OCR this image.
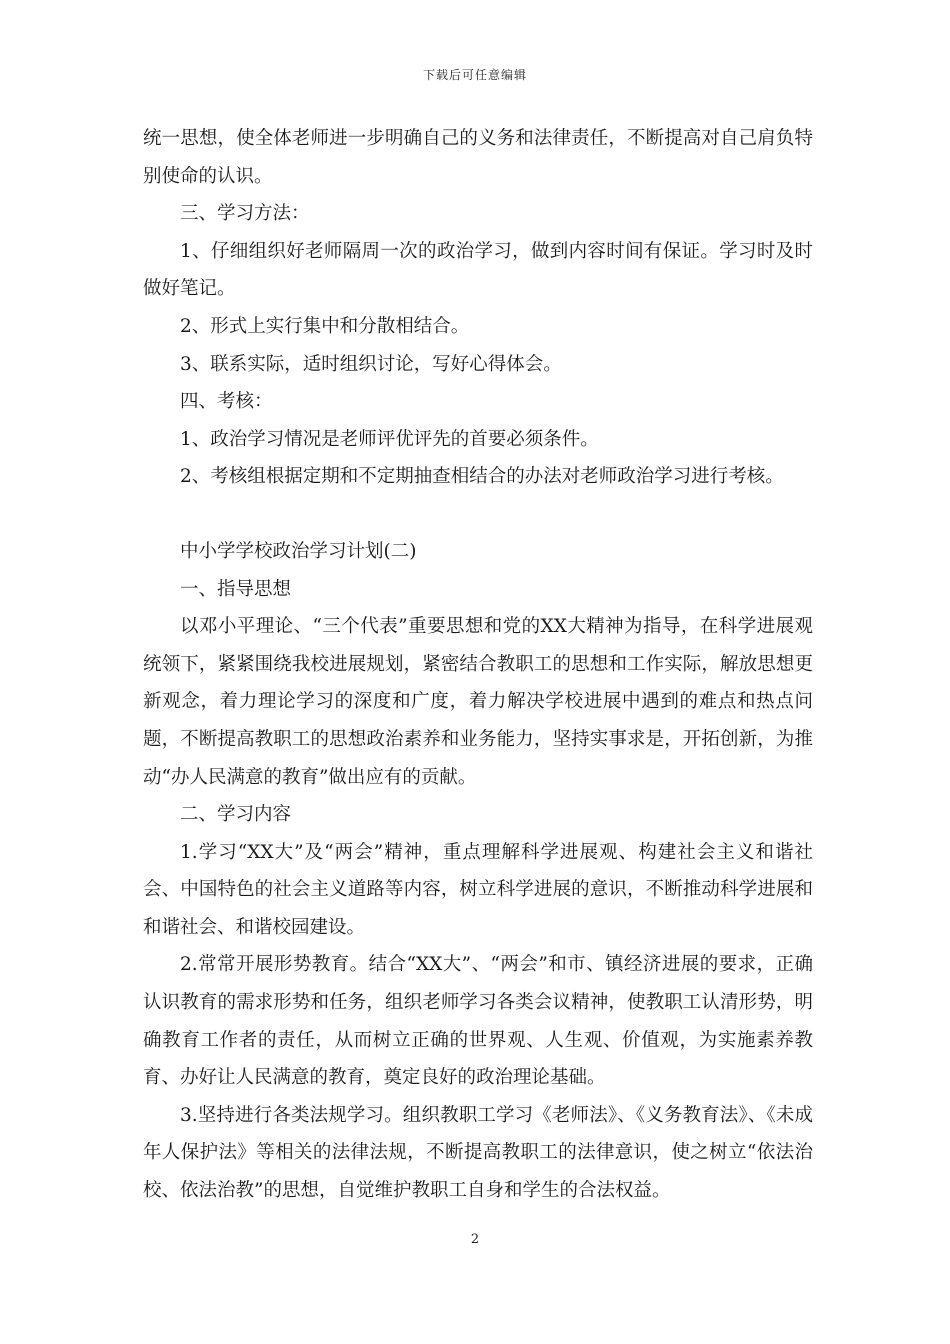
下载后可任意编辑

统一思想，使全体老师进一步明确自己的义务和法律责任，不断提高对自己肩负特别使命的认识。

三、学习方法：

1、仔细组织好老师隔周一次的政治学习，做到内容时间有保证。学习时及时做好笔记。

2、形式上实行集中和分散相结合。

3、联系实际，适时组织讨论，写好心得体会。

四、考核：

1、政治学习情况是老师评优评先的首要必须条件。

2、考核组根据定期和不定期抽查相结合的办法对老师政治学习进行考核。

中小学学校政治学习计划(二)

一、指导思想

以邓小平理论、“三个代表”重要思想和党的XX大精神为指导，在科学进展观统领下，紧紧围绕我校进展规划，紧密结合教职工的思想和工作实际，解放思想更新观念，着力理论学习的深度和广度，着力解决学校进展中遇到的难点和热点问题，不断提高教职工的思想政治素养和业务能力，坚持实事求是，开拓创新，为推动“办人民满意的教育”做出应有的贡献。

二、学习内容

1.学习“XX大”及“两会”精神，重点理解科学进展观、构建社会主义和谐社会、中国特色的社会主义道路等内容，树立科学进展的意识，不断推动科学进展和和谐社会、和谐校园建设。

2.常常开展形势教育。结合“XX大”、“两会”和市、镇经济进展的要求，正确认识教育的需求形势和任务，组织老师学习各类会议精神，使教职工认清形势，明确教育工作者的责任，从而树立正确的世界观、人生观、价值观，为实施素养教育、办好让人民满意的教育，奠定良好的政治理论基础。

3.坚持进行各类法规学习。组织教职工学习《老师法》、《义务教育法》、《未成年人保护法》等相关的法律法规，不断提高教职工的法律意识，使之树立“依法治校、依法治教”的思想，自觉维护教职工自身和学生的合法权益。

2
